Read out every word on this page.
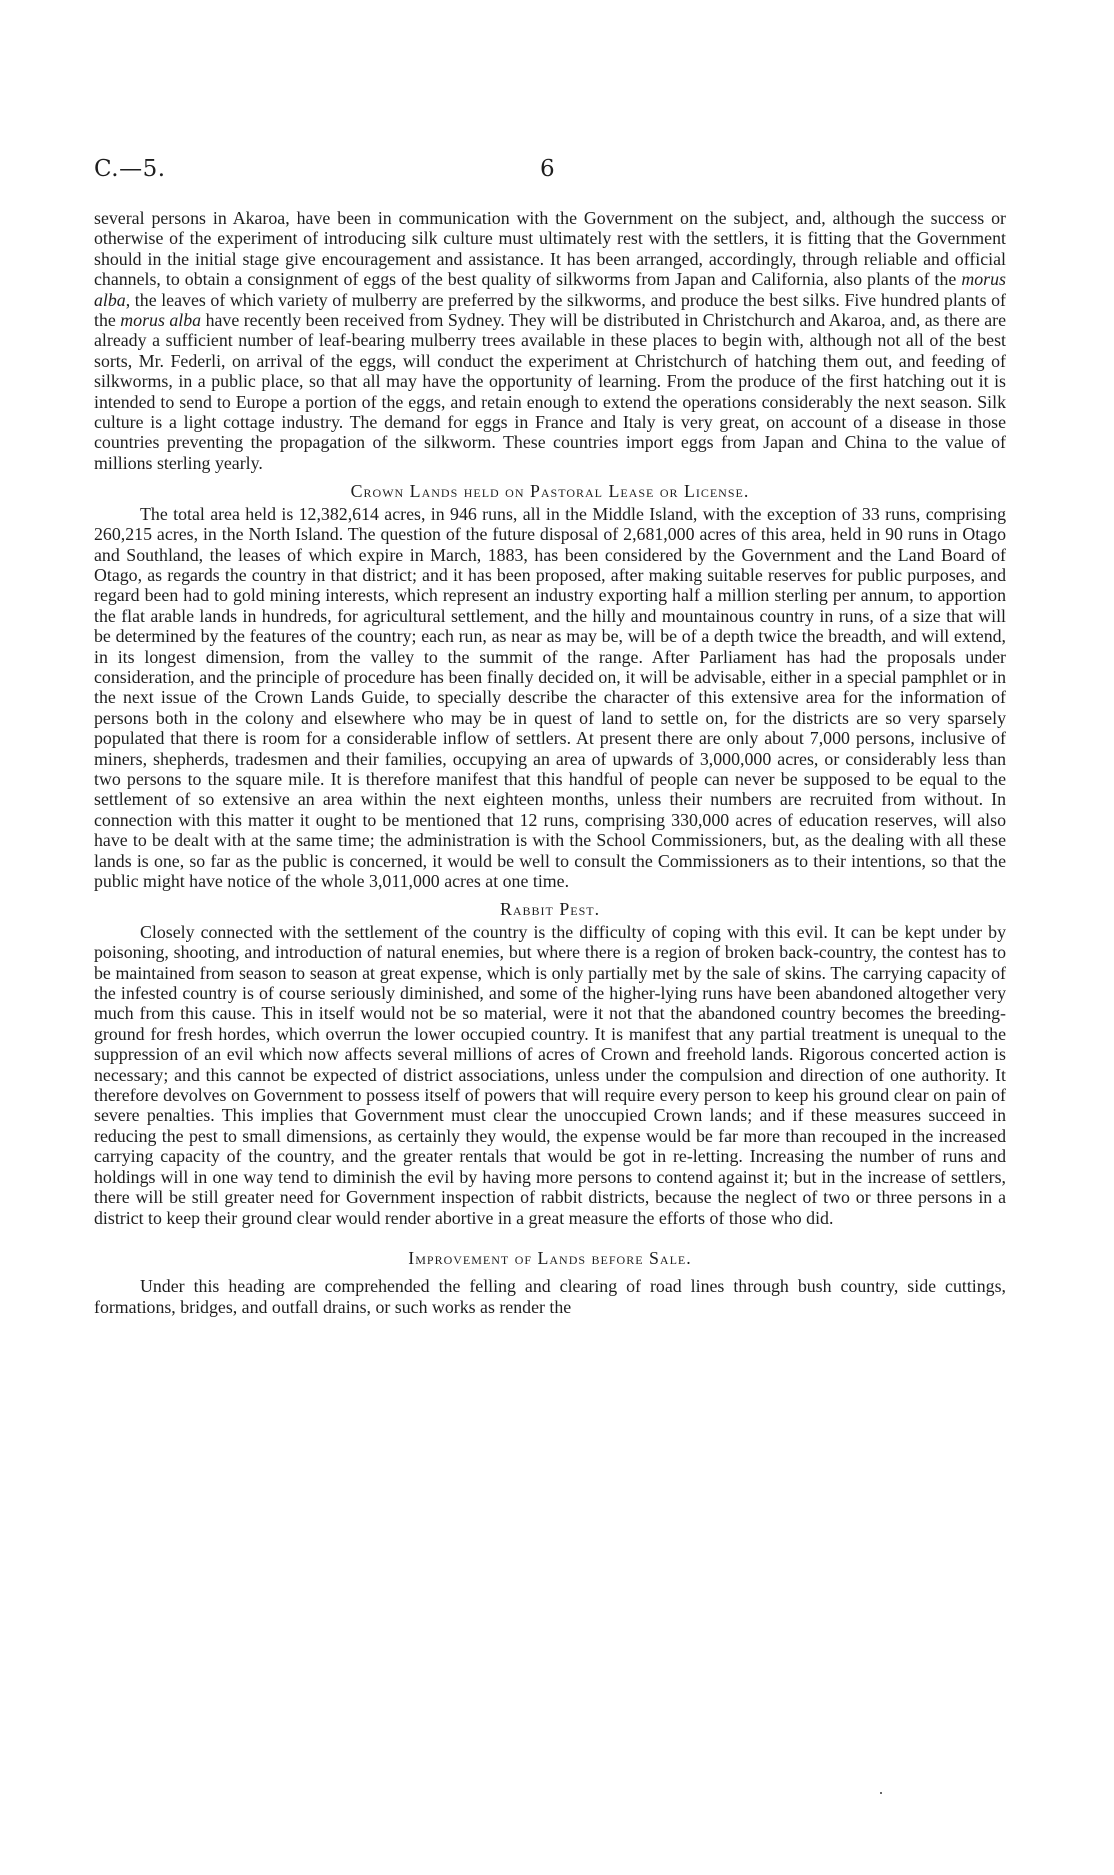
C.—5.	6

several persons in Akaroa, have been in communication with the Government on the subject, and, although the success or otherwise of the experiment of introducing silk culture must ultimately rest with the settlers, it is fitting that the Government should in the initial stage give encouragement and assistance. It has been arranged, accordingly, through reliable and official channels, to obtain a consignment of eggs of the best quality of silkworms from Japan and California, also plants of the morus alba, the leaves of which variety of mulberry are preferred by the silkworms, and produce the best silks. Five hundred plants of the morus alba have recently been received from Sydney. They will be distributed in Christchurch and Akaroa, and, as there are already a sufficient number of leaf-bearing mulberry trees available in these places to begin with, although not all of the best sorts, Mr. Federli, on arrival of the eggs, will conduct the experiment at Christchurch of hatching them out, and feeding of silkworms, in a public place, so that all may have the opportunity of learning. From the produce of the first hatching out it is intended to send to Europe a portion of the eggs, and retain enough to extend the operations considerably the next season. Silk culture is a light cottage industry. The demand for eggs in France and Italy is very great, on account of a disease in those countries preventing the propagation of the silkworm. These countries import eggs from Japan and China to the value of millions sterling yearly.

Crown Lands held on Pastoral Lease or License.

The total area held is 12,382,614 acres, in 946 runs, all in the Middle Island, with the exception of 33 runs, comprising 260,215 acres, in the North Island. The question of the future disposal of 2,681,000 acres of this area, held in 90 runs in Otago and Southland, the leases of which expire in March, 1883, has been considered by the Government and the Land Board of Otago, as regards the country in that district; and it has been proposed, after making suitable reserves for public purposes, and regard been had to gold mining interests, which represent an industry exporting half a million sterling per annum, to apportion the flat arable lands in hundreds, for agricultural settlement, and the hilly and mountainous country in runs, of a size that will be determined by the features of the country; each run, as near as may be, will be of a depth twice the breadth, and will extend, in its longest dimension, from the valley to the summit of the range. After Parliament has had the proposals under consideration, and the principle of procedure has been finally decided on, it will be advisable, either in a special pamphlet or in the next issue of the Crown Lands Guide, to specially describe the character of this extensive area for the information of persons both in the colony and elsewhere who may be in quest of land to settle on, for the districts are so very sparsely populated that there is room for a considerable inflow of settlers. At present there are only about 7,000 persons, inclusive of miners, shepherds, tradesmen and their families, occupying an area of upwards of 3,000,000 acres, or considerably less than two persons to the square mile. It is therefore manifest that this handful of people can never be supposed to be equal to the settlement of so extensive an area within the next eighteen months, unless their numbers are recruited from without. In connection with this matter it ought to be mentioned that 12 runs, comprising 330,000 acres of education reserves, will also have to be dealt with at the same time; the administration is with the School Commissioners, but, as the dealing with all these lands is one, so far as the public is concerned, it would be well to consult the Commissioners as to their intentions, so that the public might have notice of the whole 3,011,000 acres at one time.

Rabbit Pest.

Closely connected with the settlement of the country is the difficulty of coping with this evil. It can be kept under by poisoning, shooting, and introduction of natural enemies, but where there is a region of broken back-country, the contest has to be maintained from season to season at great expense, which is only partially met by the sale of skins. The carrying capacity of the infested country is of course seriously diminished, and some of the higher-lying runs have been abandoned altogether very much from this cause. This in itself would not be so material, were it not that the abandoned country becomes the breeding-ground for fresh hordes, which overrun the lower occupied country. It is manifest that any partial treatment is unequal to the suppression of an evil which now affects several millions of acres of Crown and freehold lands. Rigorous concerted action is necessary; and this cannot be expected of district associations, unless under the compulsion and direction of one authority. It therefore devolves on Government to possess itself of powers that will require every person to keep his ground clear on pain of severe penalties. This implies that Government must clear the unoccupied Crown lands; and if these measures succeed in reducing the pest to small dimensions, as certainly they would, the expense would be far more than recouped in the increased carrying capacity of the country, and the greater rentals that would be got in re-letting. Increasing the number of runs and holdings will in one way tend to diminish the evil by having more persons to contend against it; but in the increase of settlers, there will be still greater need for Government inspection of rabbit districts, because the neglect of two or three persons in a district to keep their ground clear would render abortive in a great measure the efforts of those who did.

Improvement of Lands before Sale.

Under this heading are comprehended the felling and clearing of road lines through bush country, side cuttings, formations, bridges, and outfall drains, or such works as render the
